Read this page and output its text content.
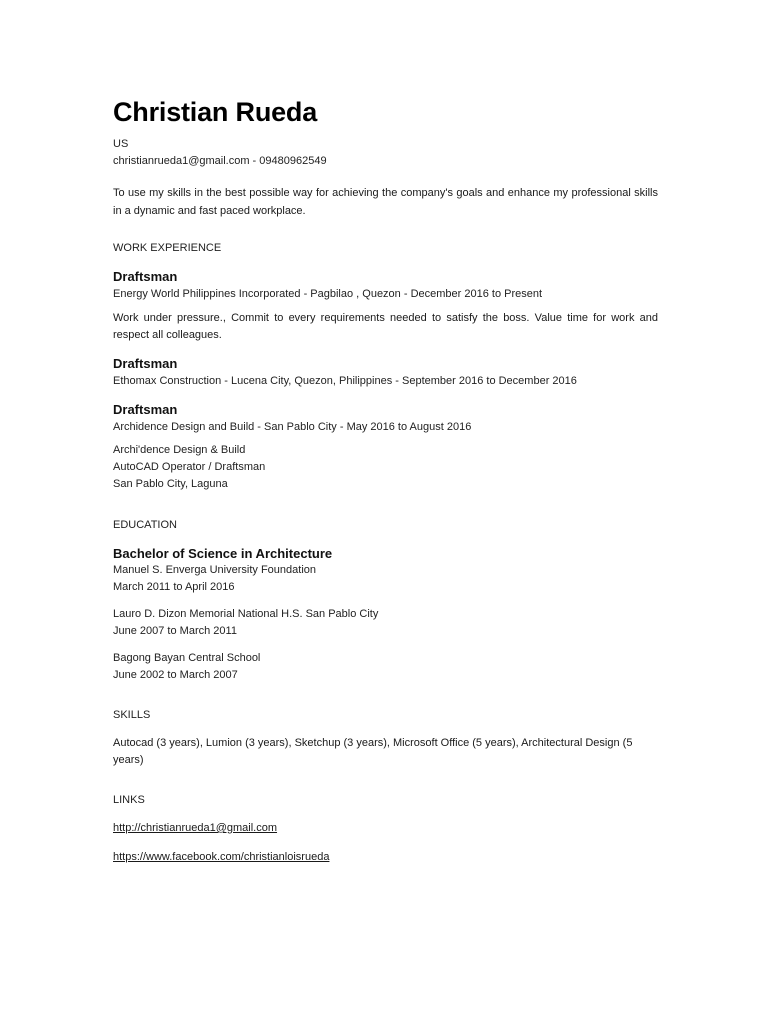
Christian Rueda

US

christianrueda1@gmail.com - 09480962549

To use my skills in the best possible way for achieving the company's goals and enhance my professional skills in a dynamic and fast paced workplace.

WORK EXPERIENCE

Draftsman

Energy World Philippines Incorporated - Pagbilao , Quezon - December 2016 to Present

Work under pressure., Commit to every requirements needed to satisfy the boss. Value time for work and respect all colleagues.

Draftsman

Ethomax Construction - Lucena City, Quezon, Philippines - September 2016 to December 2016

Draftsman

Archidence Design and Build - San Pablo City - May 2016 to August 2016

Archi'dence Design & Build

AutoCAD Operator / Draftsman

San Pablo City, Laguna

EDUCATION

Bachelor of Science in Architecture

Manuel S. Enverga University Foundation

March 2011 to April 2016

Lauro D. Dizon Memorial National H.S. San Pablo City

June 2007 to March 2011

Bagong Bayan Central School

June 2002 to March 2007

SKILLS

Autocad (3 years), Lumion (3 years), Sketchup (3 years), Microsoft Office (5 years), Architectural Design (5 years)

LINKS
http://christianrueda1@gmail.com
https://www.facebook.com/christianloisrueda
